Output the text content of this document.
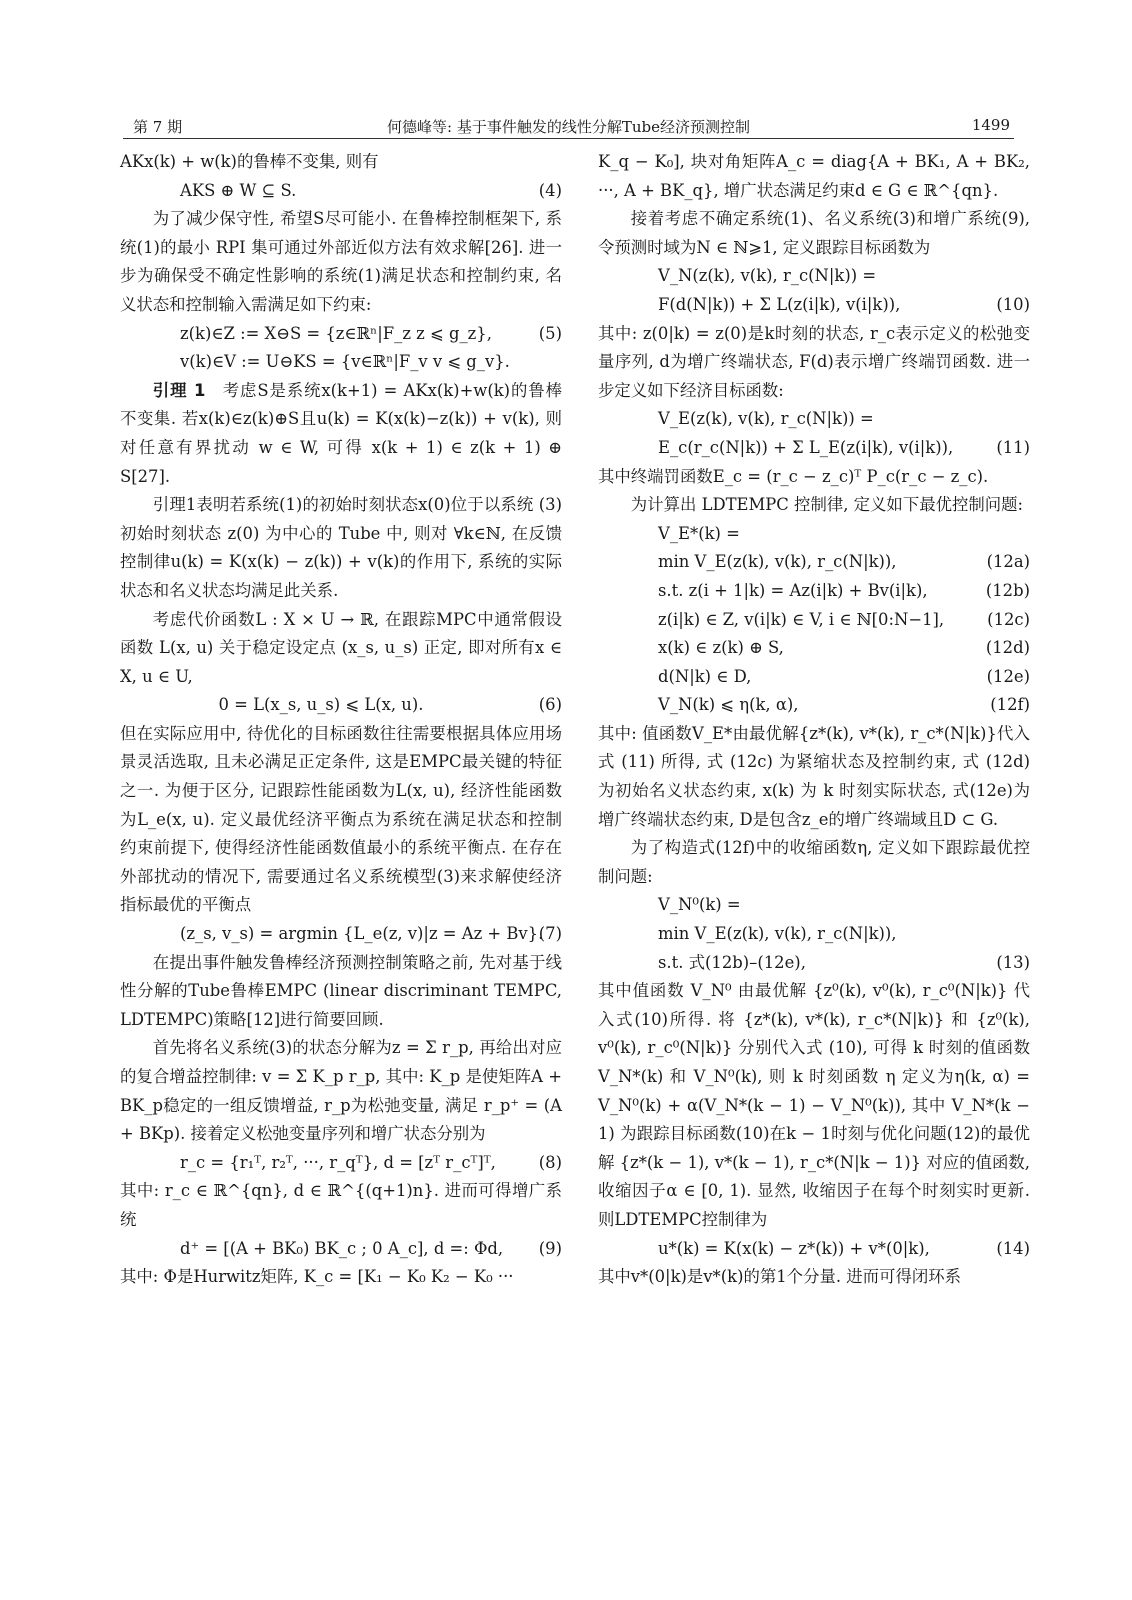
第 7 期	何德峰等: 基于事件触发的线性分解Tube经济预测控制	1499

AKx(k) + w(k)的鲁棒不变集, 则有

AKS ⊕ W ⊆ S.	(4)

为了减少保守性, 希望S尽可能小. 在鲁棒控制框架下, 系统(1)的最小 RPI 集可通过外部近似方法有效求解[26]. 进一步为确保受不确定性影响的系统(1)满足状态和控制约束, 名义状态和控制输入需满足如下约束:

z(k)∈Z := X⊖S = {z∈ℝⁿ|F_z z ⩽ g_z},	(5)

v(k)∈V := U⊖KS = {v∈ℝⁿ|F_v v ⩽ g_v}.

引理 1  考虑S是系统x(k+1) = AKx(k)+w(k)的鲁棒不变集. 若x(k)∈z(k)⊕S且u(k) = K(x(k)−z(k)) + v(k), 则对任意有界扰动 w ∈ W, 可得 x(k + 1) ∈ z(k + 1) ⊕ S[27].

引理1表明若系统(1)的初始时刻状态x(0)位于以系统 (3) 初始时刻状态 z(0) 为中心的 Tube 中, 则对 ∀k∈ℕ, 在反馈控制律u(k) = K(x(k) − z(k)) + v(k)的作用下, 系统的实际状态和名义状态均满足此关系.

考虑代价函数L : X × U → ℝ, 在跟踪MPC中通常假设函数 L(x, u) 关于稳定设定点 (x_s, u_s) 正定, 即对所有x ∈ X, u ∈ U,

0 = L(x_s, u_s) ⩽ L(x, u).	(6)

但在实际应用中, 待优化的目标函数往往需要根据具体应用场景灵活选取, 且未必满足正定条件, 这是EMPC最关键的特征之一. 为便于区分, 记跟踪性能函数为L(x, u), 经济性能函数为L_e(x, u). 定义最优经济平衡点为系统在满足状态和控制约束前提下, 使得经济性能函数值最小的系统平衡点. 在存在外部扰动的情况下, 需要通过名义系统模型(3)来求解使经济指标最优的平衡点

(z_s, v_s) = argmin {L_e(z, v)|z = Az + Bv}.
(7)

在提出事件触发鲁棒经济预测控制策略之前, 先对基于线性分解的Tube鲁棒EMPC (linear discriminant TEMPC, LDTEMPC)策略[12]进行简要回顾.

首先将名义系统(3)的状态分解为z = Σ r_p, 再给出对应的复合增益控制律: v = Σ K_p r_p, 其中: K_p 是使矩阵A + BK_p稳定的一组反馈增益, r_p为松弛变量, 满足 r_p⁺ = (A + BKp). 接着定义松弛变量序列和增广状态分别为

r_c = {r₁ᵀ, r₂ᵀ, ···, r_qᵀ}, d = [zᵀ r_cᵀ]ᵀ,	(8)

其中: r_c ∈ ℝ^{qn}, d ∈ ℝ^{(q+1)n}. 进而可得增广系统

d⁺ = [(A + BK₀) BK_c ; 0 A_c], d =: Φd, (9)

其中: Φ是Hurwitz矩阵, K_c = [K₁ − K₀ K₂ − K₀ ···

K_q − K₀], 块对角矩阵A_c = diag{A + BK₁, A + BK₂, ···, A + BK_q}, 增广状态满足约束d ∈ G ∈ ℝ^{qn}.

接着考虑不确定系统(1)、名义系统(3)和增广系统(9), 令预测时域为N ∈ ℕ⩾1, 定义跟踪目标函数为

V_N(z(k), v(k), r_c(N|k)) =

F(d(N|k)) + Σ L(z(i|k), v(i|k)),	(10)

其中: z(0|k) = z(0)是k时刻的状态, r_c表示定义的松弛变量序列, d为增广终端状态, F(d)表示增广终端罚函数. 进一步定义如下经济目标函数:

V_E(z(k), v(k), r_c(N|k)) =

E_c(r_c(N|k)) + Σ L_E(z(i|k), v(i|k)),	(11)

其中终端罚函数E_c = (r_c − z_c)ᵀ P_c(r_c − z_c).

为计算出 LDTEMPC 控制律, 定义如下最优控制问题:

V_E*(k) =

min V_E(z(k), v(k), r_c(N|k)),	(12a)

s.t. z(i + 1|k) = Az(i|k) + Bv(i|k),	(12b)

z(i|k) ∈ Z, v(i|k) ∈ V, i ∈ ℕ[0:N−1],	(12c)

x(k) ∈ z(k) ⊕ S,	(12d)

d(N|k) ∈ D,	(12e)

V_N(k) ⩽ η(k, α),	(12f)

其中: 值函数V_E*由最优解{z*(k), v*(k), r_c*(N|k)}代入式 (11) 所得, 式 (12c) 为紧缩状态及控制约束, 式 (12d) 为初始名义状态约束, x(k) 为 k 时刻实际状态, 式(12e)为增广终端状态约束, D是包含z_e的增广终端域且D ⊂ G.

为了构造式(12f)中的收缩函数η, 定义如下跟踪最优控制问题:

V_N⁰(k) =

min V_E(z(k), v(k), r_c(N|k)),

s.t. 式(12b)–(12e),	(13)

其中值函数 V_N⁰ 由最优解 {z⁰(k), v⁰(k), r_c⁰(N|k)} 代入式(10)所得. 将 {z*(k), v*(k), r_c*(N|k)} 和 {z⁰(k), v⁰(k), r_c⁰(N|k)} 分别代入式 (10), 可得 k 时刻的值函数V_N*(k) 和 V_N⁰(k), 则 k 时刻函数 η 定义为η(k, α) = V_N⁰(k) + α(V_N*(k − 1) − V_N⁰(k)), 其中 V_N*(k − 1) 为跟踪目标函数(10)在k − 1时刻与优化问题(12)的最优解 {z*(k − 1), v*(k − 1), r_c*(N|k − 1)} 对应的值函数, 收缩因子α ∈ [0, 1). 显然, 收缩因子在每个时刻实时更新. 则LDTEMPC控制律为

u*(k) = K(x(k) − z*(k)) + v*(0|k),	(14)

其中v*(0|k)是v*(k)的第1个分量. 进而可得闭环系
